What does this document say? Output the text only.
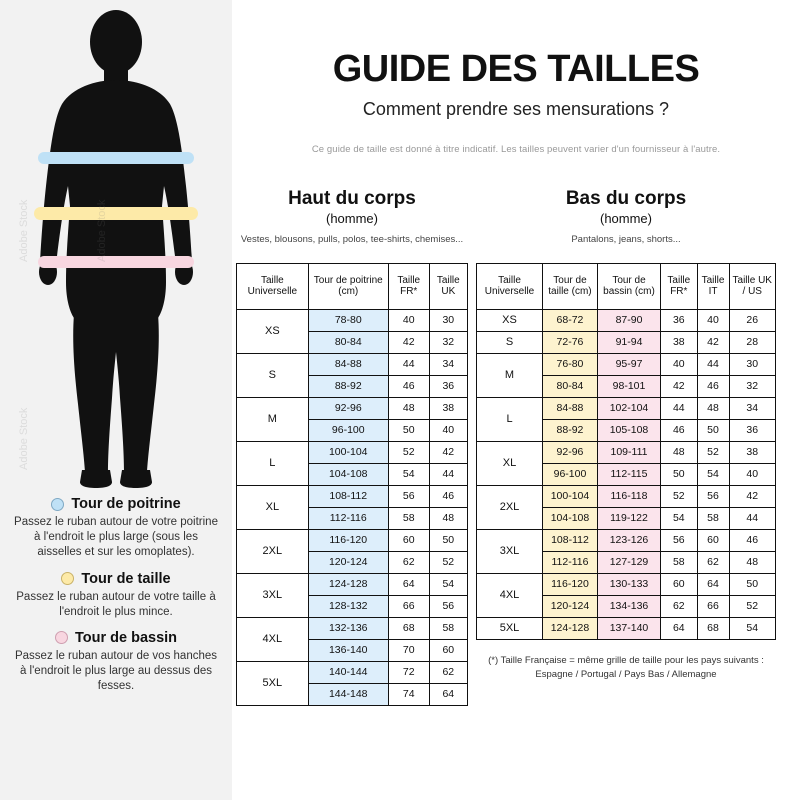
Adobe Stock
Adobe Stock
Tour de poitrine
Passez le ruban autour de votre poitrine à l'endroit le plus large (sous les aisselles et sur les omoplates).
Tour de taille
Passez le ruban autour de votre taille à l'endroit le plus mince.
Tour de bassin
Passez le ruban autour de vos hanches à l'endroit le plus large au dessus des fesses.
GUIDE DES TAILLES
Comment prendre ses mensurations ?
Ce guide de taille est donné à titre indicatif. Les tailles peuvent varier d'un fournisseur à l'autre.
Haut du corps
(homme)
Vestes, blousons, pulls, polos, tee-shirts, chemises...
Taille Universelle	Tour de poitrine (cm)	Taille FR*	Taille UK
XS	78-80	40	30
	80-84	42	32
S	84-88	44	34
	88-92	46	36
M	92-96	48	38
	96-100	50	40
L	100-104	52	42
	104-108	54	44
XL	108-112	56	46
	112-116	58	48
2XL	116-120	60	50
	120-124	62	52
3XL	124-128	64	54
	128-132	66	56
4XL	132-136	68	58
	136-140	70	60
5XL	140-144	72	62
	144-148	74	64
Bas du corps
(homme)
Pantalons, jeans, shorts...
Taille Universelle	Tour de taille (cm)	Tour de bassin (cm)	Taille FR*	Taille IT	Taille UK / US
XS	68-72	87-90	36	40	26
S	72-76	91-94	38	42	28
M	76-80	95-97	40	44	30
	80-84	98-101	42	46	32
L	84-88	102-104	44	48	34
	88-92	105-108	46	50	36
XL	92-96	109-111	48	52	38
	96-100	112-115	50	54	40
2XL	100-104	116-118	52	56	42
	104-108	119-122	54	58	44
3XL	108-112	123-126	56	60	46
	112-116	127-129	58	62	48
4XL	116-120	130-133	60	64	50
	120-124	134-136	62	66	52
5XL	124-128	137-140	64	68	54
(*) Taille Française = même grille de taille pour les pays suivants :
Espagne / Portugal / Pays Bas / Allemagne
